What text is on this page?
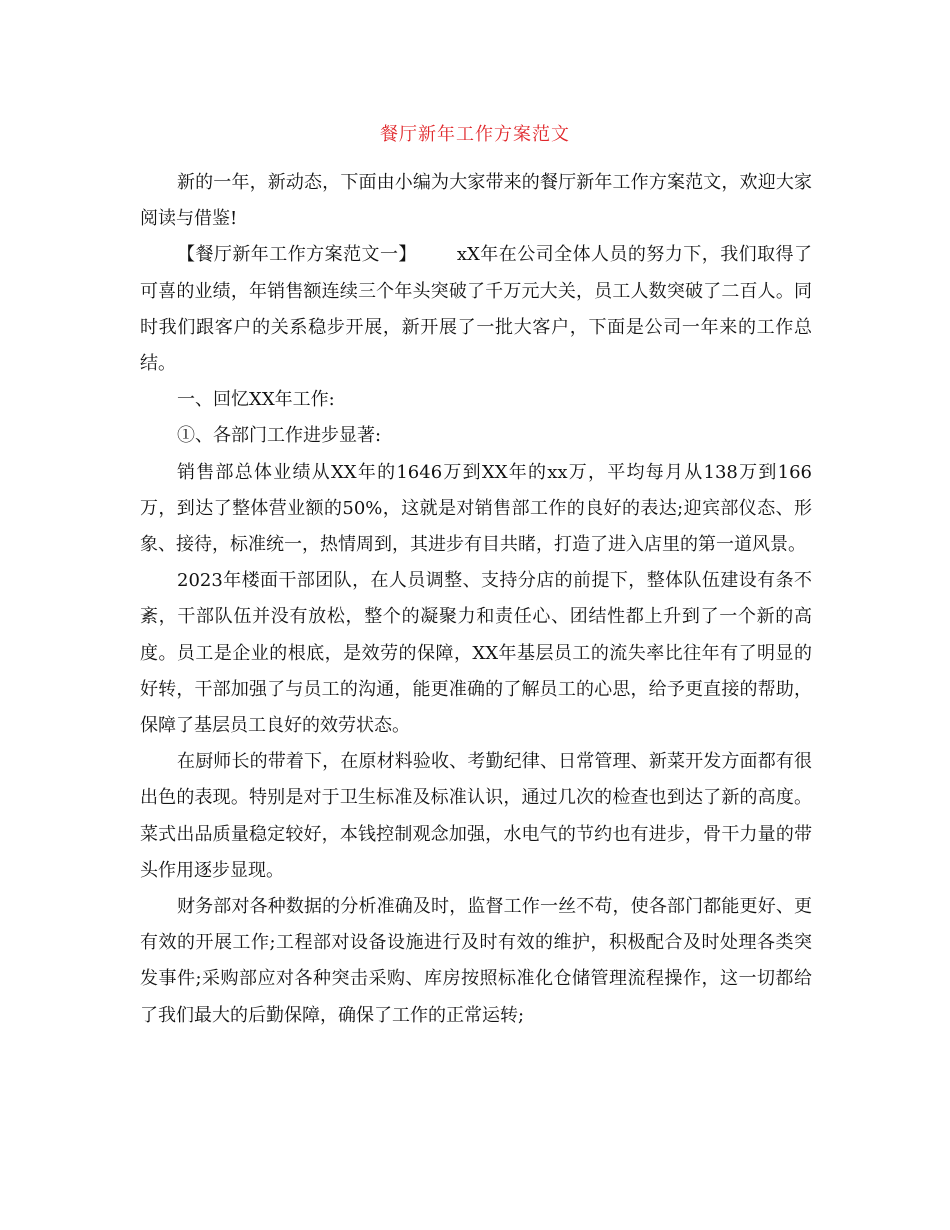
餐厅新年工作方案范文

新的一年，新动态，下面由小编为大家带来的餐厅新年工作方案范文，欢迎大家阅读与借鉴!

【餐厅新年工作方案范文一】 xX年在公司全体人员的努力下，我们取得了可喜的业绩，年销售额连续三个年头突破了千万元大关，员工人数突破了二百人。同时我们跟客户的关系稳步开展，新开展了一批大客户，下面是公司一年来的工作总结。

一、回忆XX年工作:

①、各部门工作进步显著:

销售部总体业绩从XX年的1646万到XX年的xx万，平均每月从138万到166万，到达了整体营业额的50%，这就是对销售部工作的良好的表达;迎宾部仪态、形象、接待，标准统一，热情周到，其进步有目共睹，打造了进入店里的第一道风景。

2023年楼面干部团队，在人员调整、支持分店的前提下，整体队伍建设有条不紊，干部队伍并没有放松，整个的凝聚力和责任心、团结性都上升到了一个新的高度。员工是企业的根底，是效劳的保障，XX年基层员工的流失率比往年有了明显的好转，干部加强了与员工的沟通，能更准确的了解员工的心思，给予更直接的帮助，保障了基层员工良好的效劳状态。

在厨师长的带着下，在原材料验收、考勤纪律、日常管理、新菜开发方面都有很出色的表现。特别是对于卫生标准及标准认识，通过几次的检查也到达了新的高度。菜式出品质量稳定较好，本钱控制观念加强，水电气的节约也有进步，骨干力量的带头作用逐步显现。

财务部对各种数据的分析准确及时，监督工作一丝不苟，使各部门都能更好、更有效的开展工作;工程部对设备设施进行及时有效的维护，积极配合及时处理各类突发事件;采购部应对各种突击采购、库房按照标准化仓储管理流程操作，这一切都给了我们最大的后勤保障，确保了工作的正常运转;
